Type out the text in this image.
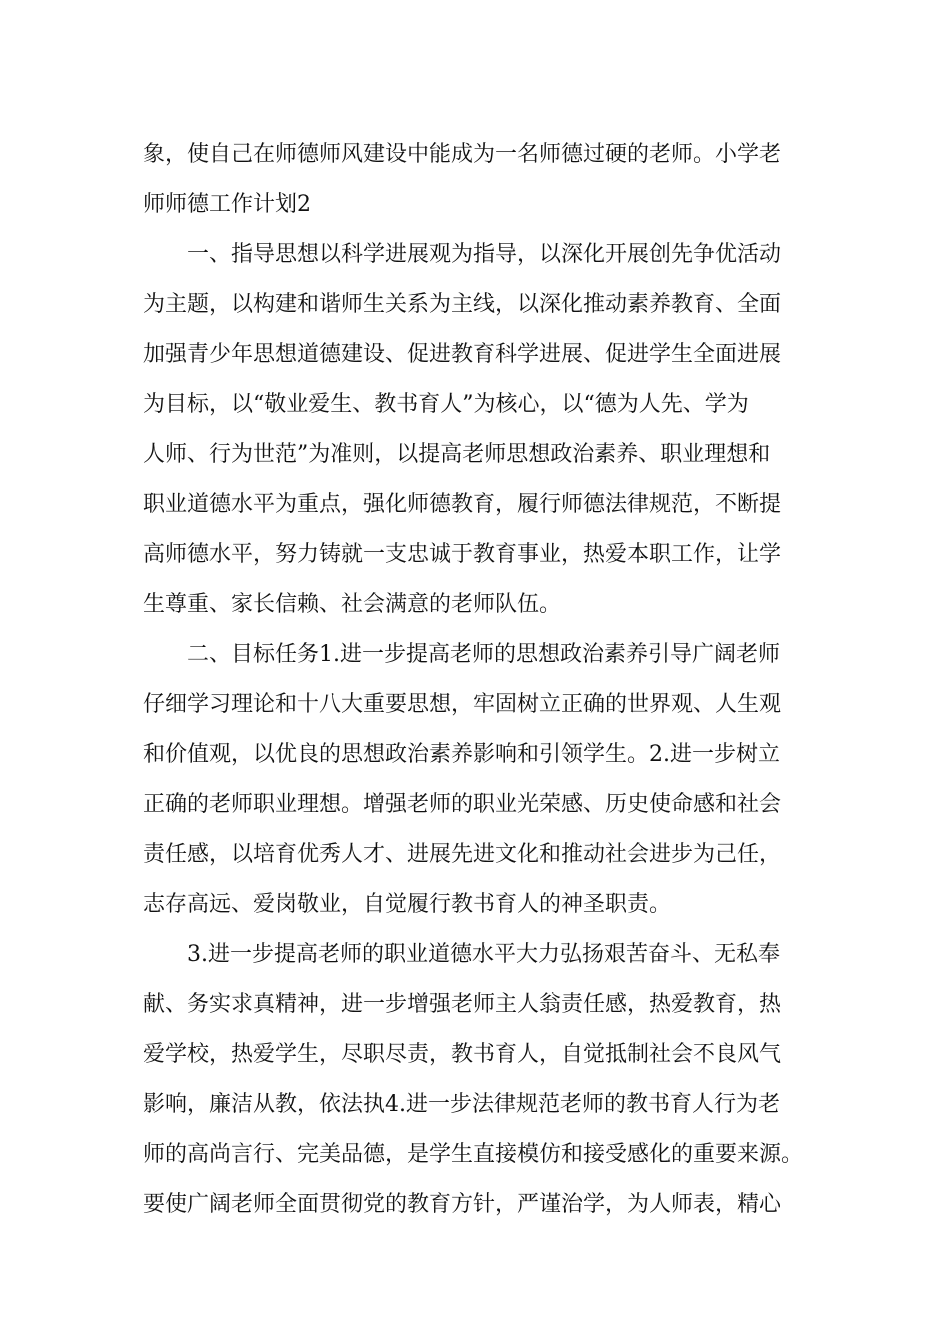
象，使自己在师德师风建设中能成为一名师德过硬的老师。小学老
师师德工作计划2
　　一、指导思想以科学进展观为指导，以深化开展创先争优活动
为主题，以构建和谐师生关系为主线，以深化推动素养教育、全面
加强青少年思想道德建设、促进教育科学进展、促进学生全面进展
为目标，以“敬业爱生、教书育人”为核心，以“德为人先、学为
人师、行为世范”为准则，以提高老师思想政治素养、职业理想和
职业道德水平为重点，强化师德教育，履行师德法律规范，不断提
高师德水平，努力铸就一支忠诚于教育事业，热爱本职工作，让学
生尊重、家长信赖、社会满意的老师队伍。
　　二、目标任务1.进一步提高老师的思想政治素养引导广阔老师
仔细学习理论和十八大重要思想，牢固树立正确的世界观、人生观
和价值观，以优良的思想政治素养影响和引领学生。2.进一步树立
正确的老师职业理想。增强老师的职业光荣感、历史使命感和社会
责任感，以培育优秀人才、进展先进文化和推动社会进步为己任，
志存高远、爱岗敬业，自觉履行教书育人的神圣职责。
　　3.进一步提高老师的职业道德水平大力弘扬艰苦奋斗、无私奉
献、务实求真精神，进一步增强老师主人翁责任感，热爱教育，热
爱学校，热爱学生，尽职尽责，教书育人，自觉抵制社会不良风气
影响，廉洁从教，依法执4.进一步法律规范老师的教书育人行为老
师的高尚言行、完美品德，是学生直接模仿和接受感化的重要来源。
要使广阔老师全面贯彻党的教育方针，严谨治学，为人师表，精心
